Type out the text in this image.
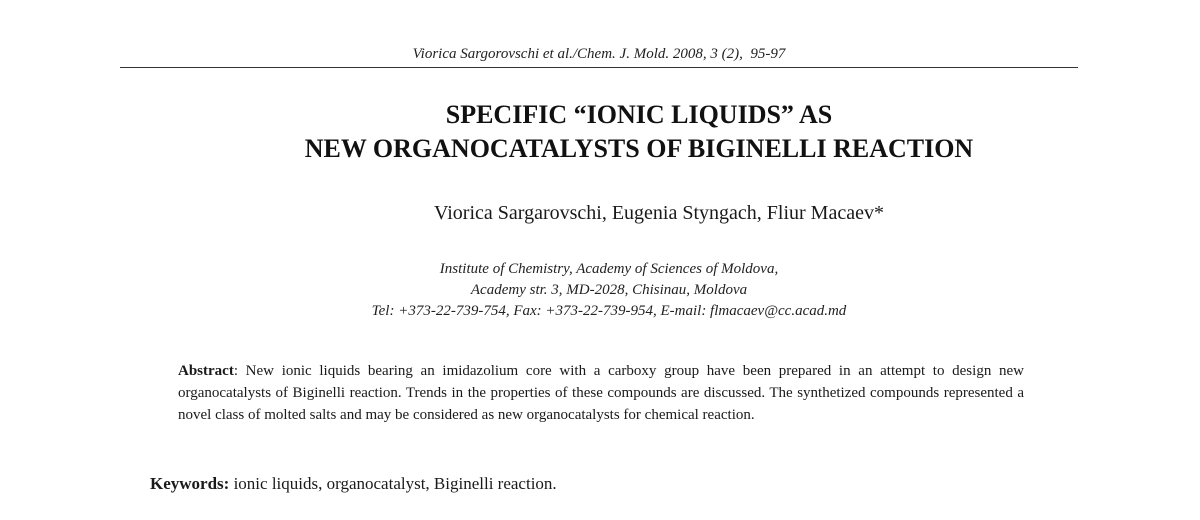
Viorica Sargorovschi et al./Chem. J. Mold. 2008, 3 (2),  95-97
SPECIFIC “IONIC LIQUIDS” AS
NEW ORGANOCATALYSTS OF BIGINELLI REACTION
Viorica Sargarovschi, Eugenia Styngach, Fliur Macaev*
Institute of Chemistry, Academy of Sciences of Moldova,
Academy str. 3, MD-2028, Chisinau, Moldova
Tel: +373-22-739-754, Fax: +373-22-739-954, E-mail: flmacaev@cc.acad.md
Abstract: New ionic liquids bearing an imidazolium core with a carboxy group have been prepared in an attempt to design new organocatalysts of Biginelli reaction. Trends in the properties of these compounds are discussed. The synthetized compounds represented a novel class of molted salts and may be considered as new organocatalysts for chemical reaction.
Keywords: ionic liquids, organocatalyst, Biginelli reaction.
